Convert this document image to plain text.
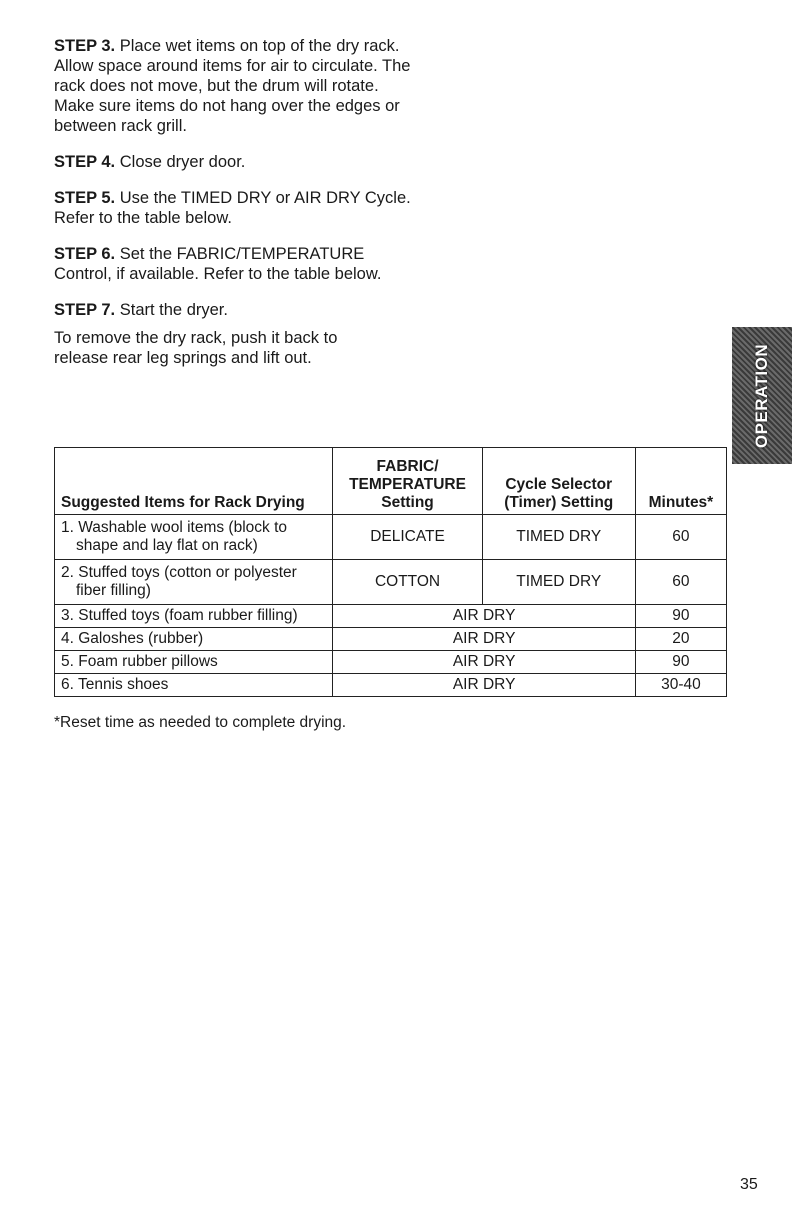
STEP 3. Place wet items on top of the dry rack. Allow space around items for air to circulate. The rack does not move, but the drum will rotate. Make sure items do not hang over the edges or between rack grill.

STEP 4. Close dryer door.

STEP 5. Use the TIMED DRY or AIR DRY Cycle. Refer to the table below.

STEP 6. Set the FABRIC/TEMPERATURE Control, if available. Refer to the table below.

STEP 7. Start the dryer.

To remove the dry rack, push it back to release rear leg springs and lift out.	OPERATION
Suggested Items for Rack Drying	FABRIC/ TEMPERATURE Setting	Cycle Selector (Timer) Setting	Minutes*
1. Washable wool items (block to
shape and lay flat on rack)	DELICATE	TIMED DRY	60
2. Stuffed toys (cotton or polyester
fiber filling)	COTTON	TIMED DRY	60
3. Stuffed toys (foam rubber filling)	AIR DRY		90
4. Galoshes (rubber)	AIR DRY		20
5. Foam rubber pillows	AIR DRY		90
6. Tennis shoes	AIR DRY		30-40
*Reset time as needed to complete drying.
35
